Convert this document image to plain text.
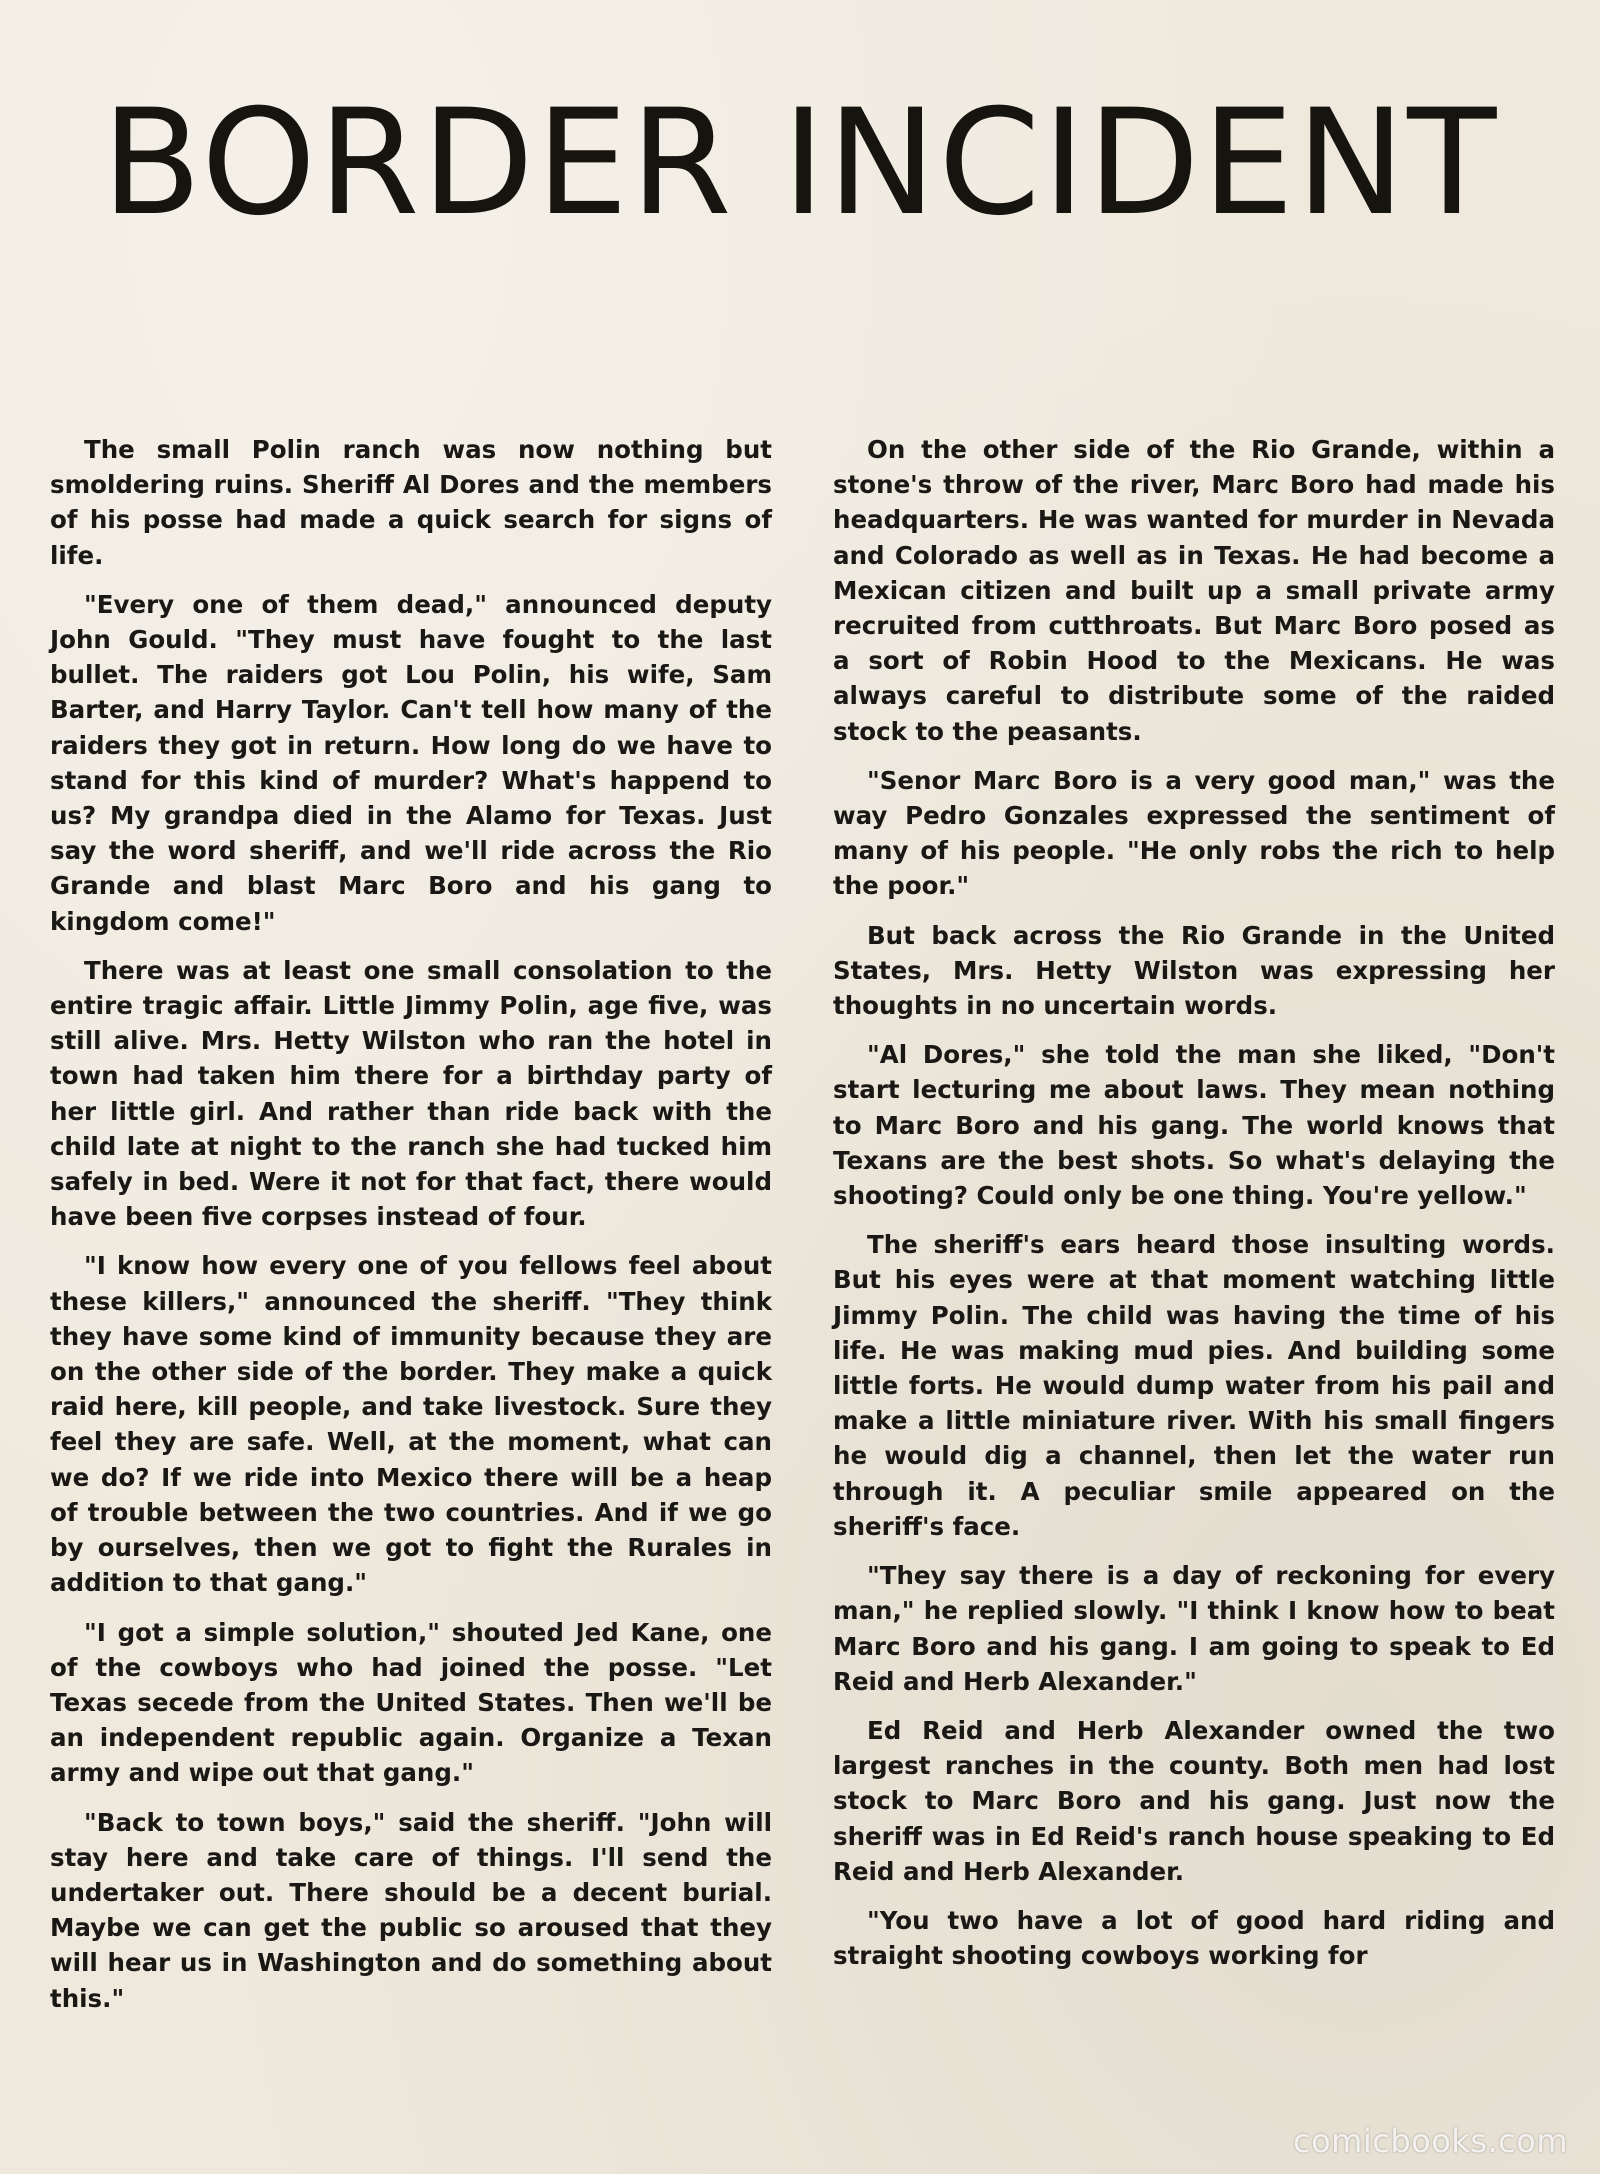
BORDER INCIDENT

The small Polin ranch was now nothing but smoldering ruins. Sheriff Al Dores and the members of his posse had made a quick search for signs of life.

"Every one of them dead," announced deputy John Gould. "They must have fought to the last bullet. The raiders got Lou Polin, his wife, Sam Barter, and Harry Taylor. Can't tell how many of the raiders they got in return. How long do we have to stand for this kind of murder? What's happend to us? My grandpa died in the Alamo for Texas. Just say the word sheriff, and we'll ride across the Rio Grande and blast Marc Boro and his gang to kingdom come!"

There was at least one small consolation to the entire tragic affair. Little Jimmy Polin, age five, was still alive. Mrs. Hetty Wilston who ran the hotel in town had taken him there for a birthday party of her little girl. And rather than ride back with the child late at night to the ranch she had tucked him safely in bed. Were it not for that fact, there would have been five corpses instead of four.

"I know how every one of you fellows feel about these killers," announced the sheriff. "They think they have some kind of immunity because they are on the other side of the border. They make a quick raid here, kill people, and take livestock. Sure they feel they are safe. Well, at the moment, what can we do? If we ride into Mexico there will be a heap of trouble between the two countries. And if we go by ourselves, then we got to fight the Rurales in addition to that gang."

"I got a simple solution," shouted Jed Kane, one of the cowboys who had joined the posse. "Let Texas secede from the United States. Then we'll be an independent republic again. Organize a Texan army and wipe out that gang."

"Back to town boys," said the sheriff. "John will stay here and take care of things. I'll send the undertaker out. There should be a decent burial. Maybe we can get the public so aroused that they will hear us in Washington and do something about this."

On the other side of the Rio Grande, within a stone's throw of the river, Marc Boro had made his headquarters. He was wanted for murder in Nevada and Colorado as well as in Texas. He had become a Mexican citizen and built up a small private army recruited from cutthroats. But Marc Boro posed as a sort of Robin Hood to the Mexicans. He was always careful to distribute some of the raided stock to the peasants.

"Senor Marc Boro is a very good man," was the way Pedro Gonzales expressed the sentiment of many of his people. "He only robs the rich to help the poor."

But back across the Rio Grande in the United States, Mrs. Hetty Wilston was expressing her thoughts in no uncertain words.

"Al Dores," she told the man she liked, "Don't start lecturing me about laws. They mean nothing to Marc Boro and his gang. The world knows that Texans are the best shots. So what's delaying the shooting? Could only be one thing. You're yellow."

The sheriff's ears heard those insulting words. But his eyes were at that moment watching little Jimmy Polin. The child was having the time of his life. He was making mud pies. And building some little forts. He would dump water from his pail and make a little miniature river. With his small fingers he would dig a channel, then let the water run through it. A peculiar smile appeared on the sheriff's face.

"They say there is a day of reckoning for every man," he replied slowly. "I think I know how to beat Marc Boro and his gang. I am going to speak to Ed Reid and Herb Alexander."

Ed Reid and Herb Alexander owned the two largest ranches in the county. Both men had lost stock to Marc Boro and his gang. Just now the sheriff was in Ed Reid's ranch house speaking to Ed Reid and Herb Alexander.

"You two have a lot of good hard riding and straight shooting cowboys working for

comicbooks.com
